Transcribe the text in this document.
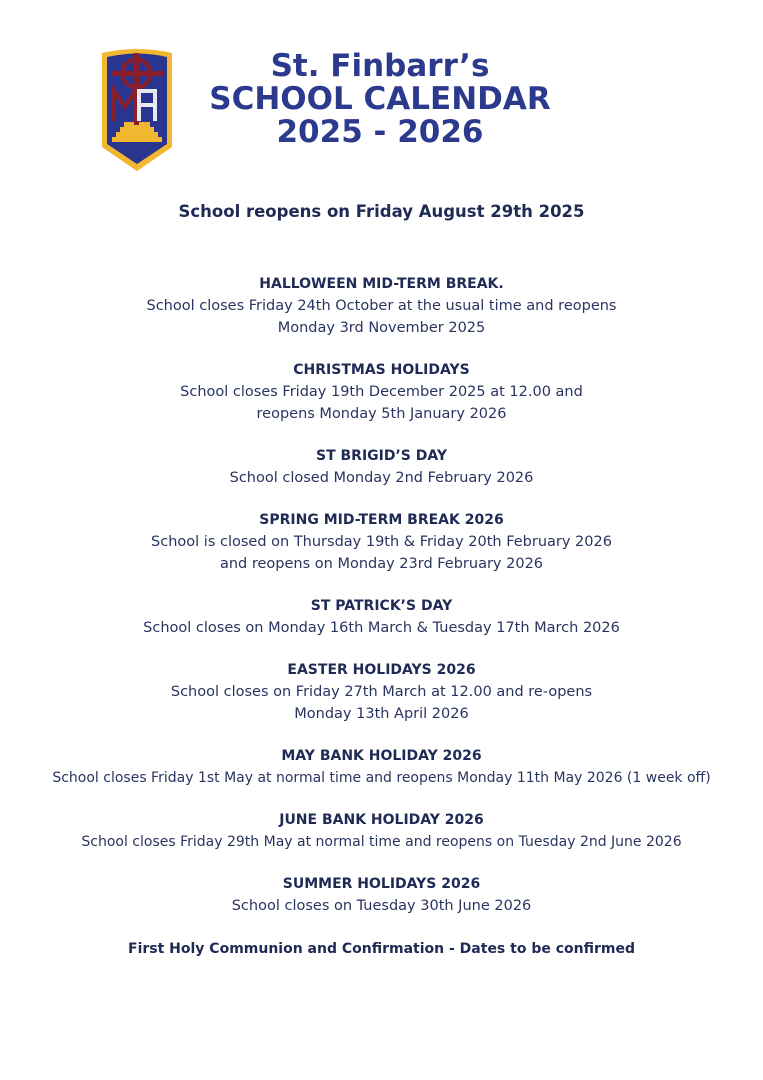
St. Finbarr’s
SCHOOL CALENDAR
2025 - 2026
School reopens on Friday August 29th 2025
HALLOWEEN MID-TERM BREAK.
School closes Friday 24th October at the usual time and reopens
Monday 3rd November 2025
CHRISTMAS HOLIDAYS
School closes Friday 19th December 2025 at 12.00 and
reopens Monday 5th January 2026
ST BRIGID’S DAY
School closed Monday 2nd February 2026
SPRING MID-TERM BREAK 2026
School is closed on Thursday 19th & Friday 20th February 2026
and reopens on Monday 23rd February 2026
ST PATRICK’S DAY
School closes on Monday 16th March & Tuesday 17th March 2026
EASTER HOLIDAYS 2026
School closes on Friday 27th March at 12.00 and re-opens
Monday 13th April 2026
MAY BANK HOLIDAY 2026
School closes Friday 1st May at normal time and reopens Monday 11th May 2026 (1 week off)
JUNE BANK HOLIDAY 2026
School closes Friday 29th May at normal time and reopens on Tuesday 2nd June 2026
SUMMER HOLIDAYS 2026
School closes on Tuesday 30th June 2026
First Holy Communion and Confirmation - Dates to be confirmed
